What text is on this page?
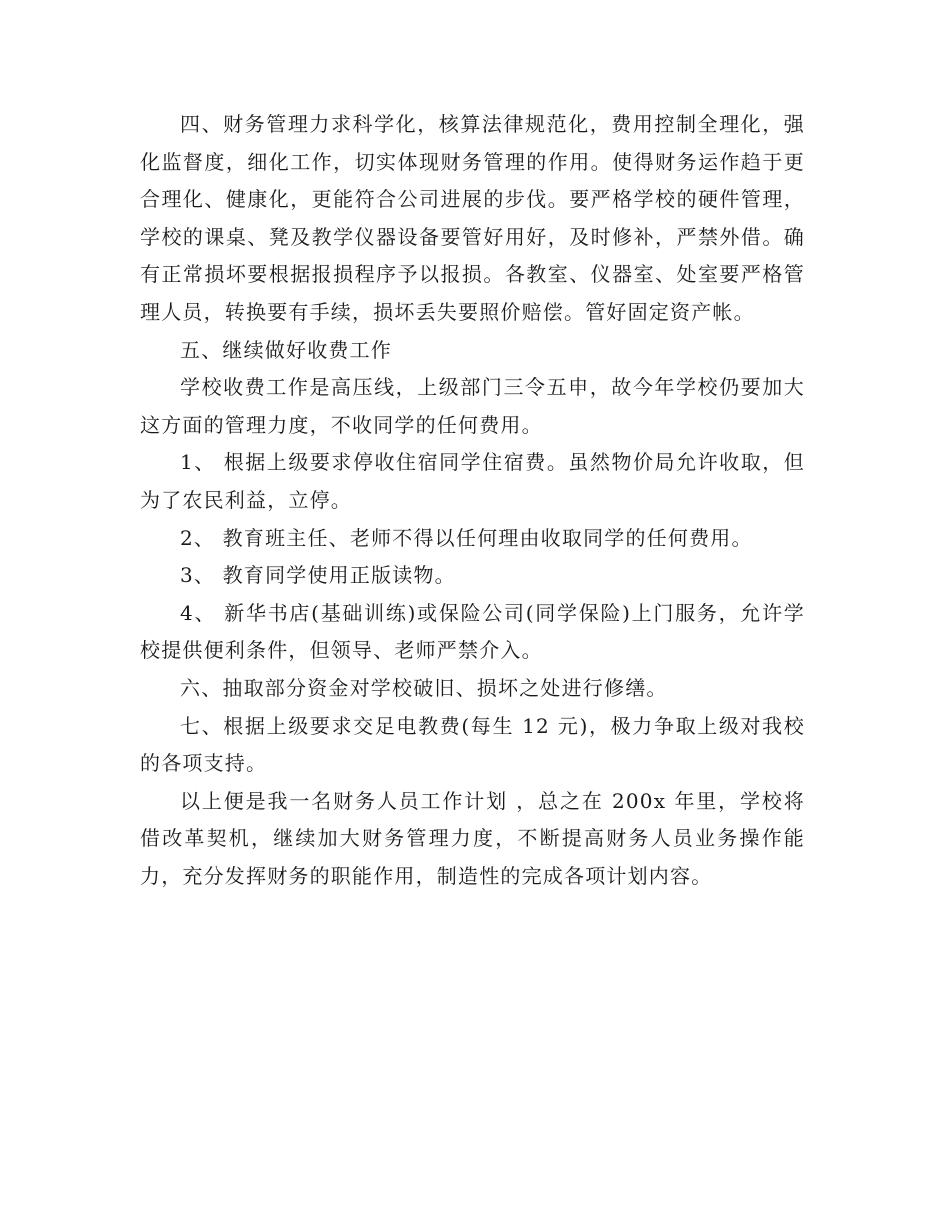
四、财务管理力求科学化，核算法律规范化，费用控制全理化，强化监督度，细化工作，切实体现财务管理的作用。使得财务运作趋于更合理化、健康化，更能符合公司进展的步伐。要严格学校的硬件管理，学校的课桌、凳及教学仪器设备要管好用好，及时修补，严禁外借。确有正常损坏要根据报损程序予以报损。各教室、仪器室、处室要严格管理人员，转换要有手续，损坏丢失要照价赔偿。管好固定资产帐。

五、继续做好收费工作

学校收费工作是高压线，上级部门三令五申，故今年学校仍要加大这方面的管理力度，不收同学的任何费用。

1、 根据上级要求停收住宿同学住宿费。虽然物价局允许收取，但为了农民利益，立停。

2、 教育班主任、老师不得以任何理由收取同学的任何费用。

3、 教育同学使用正版读物。

4、 新华书店(基础训练)或保险公司(同学保险)上门服务，允许学校提供便利条件，但领导、老师严禁介入。

六、抽取部分资金对学校破旧、损坏之处进行修缮。

七、根据上级要求交足电教费(每生 12 元)，极力争取上级对我校的各项支持。

以上便是我一名财务人员工作计划 ，总之在 200x 年里，学校将借改革契机，继续加大财务管理力度，不断提高财务人员业务操作能力，充分发挥财务的职能作用，制造性的完成各项计划内容。
